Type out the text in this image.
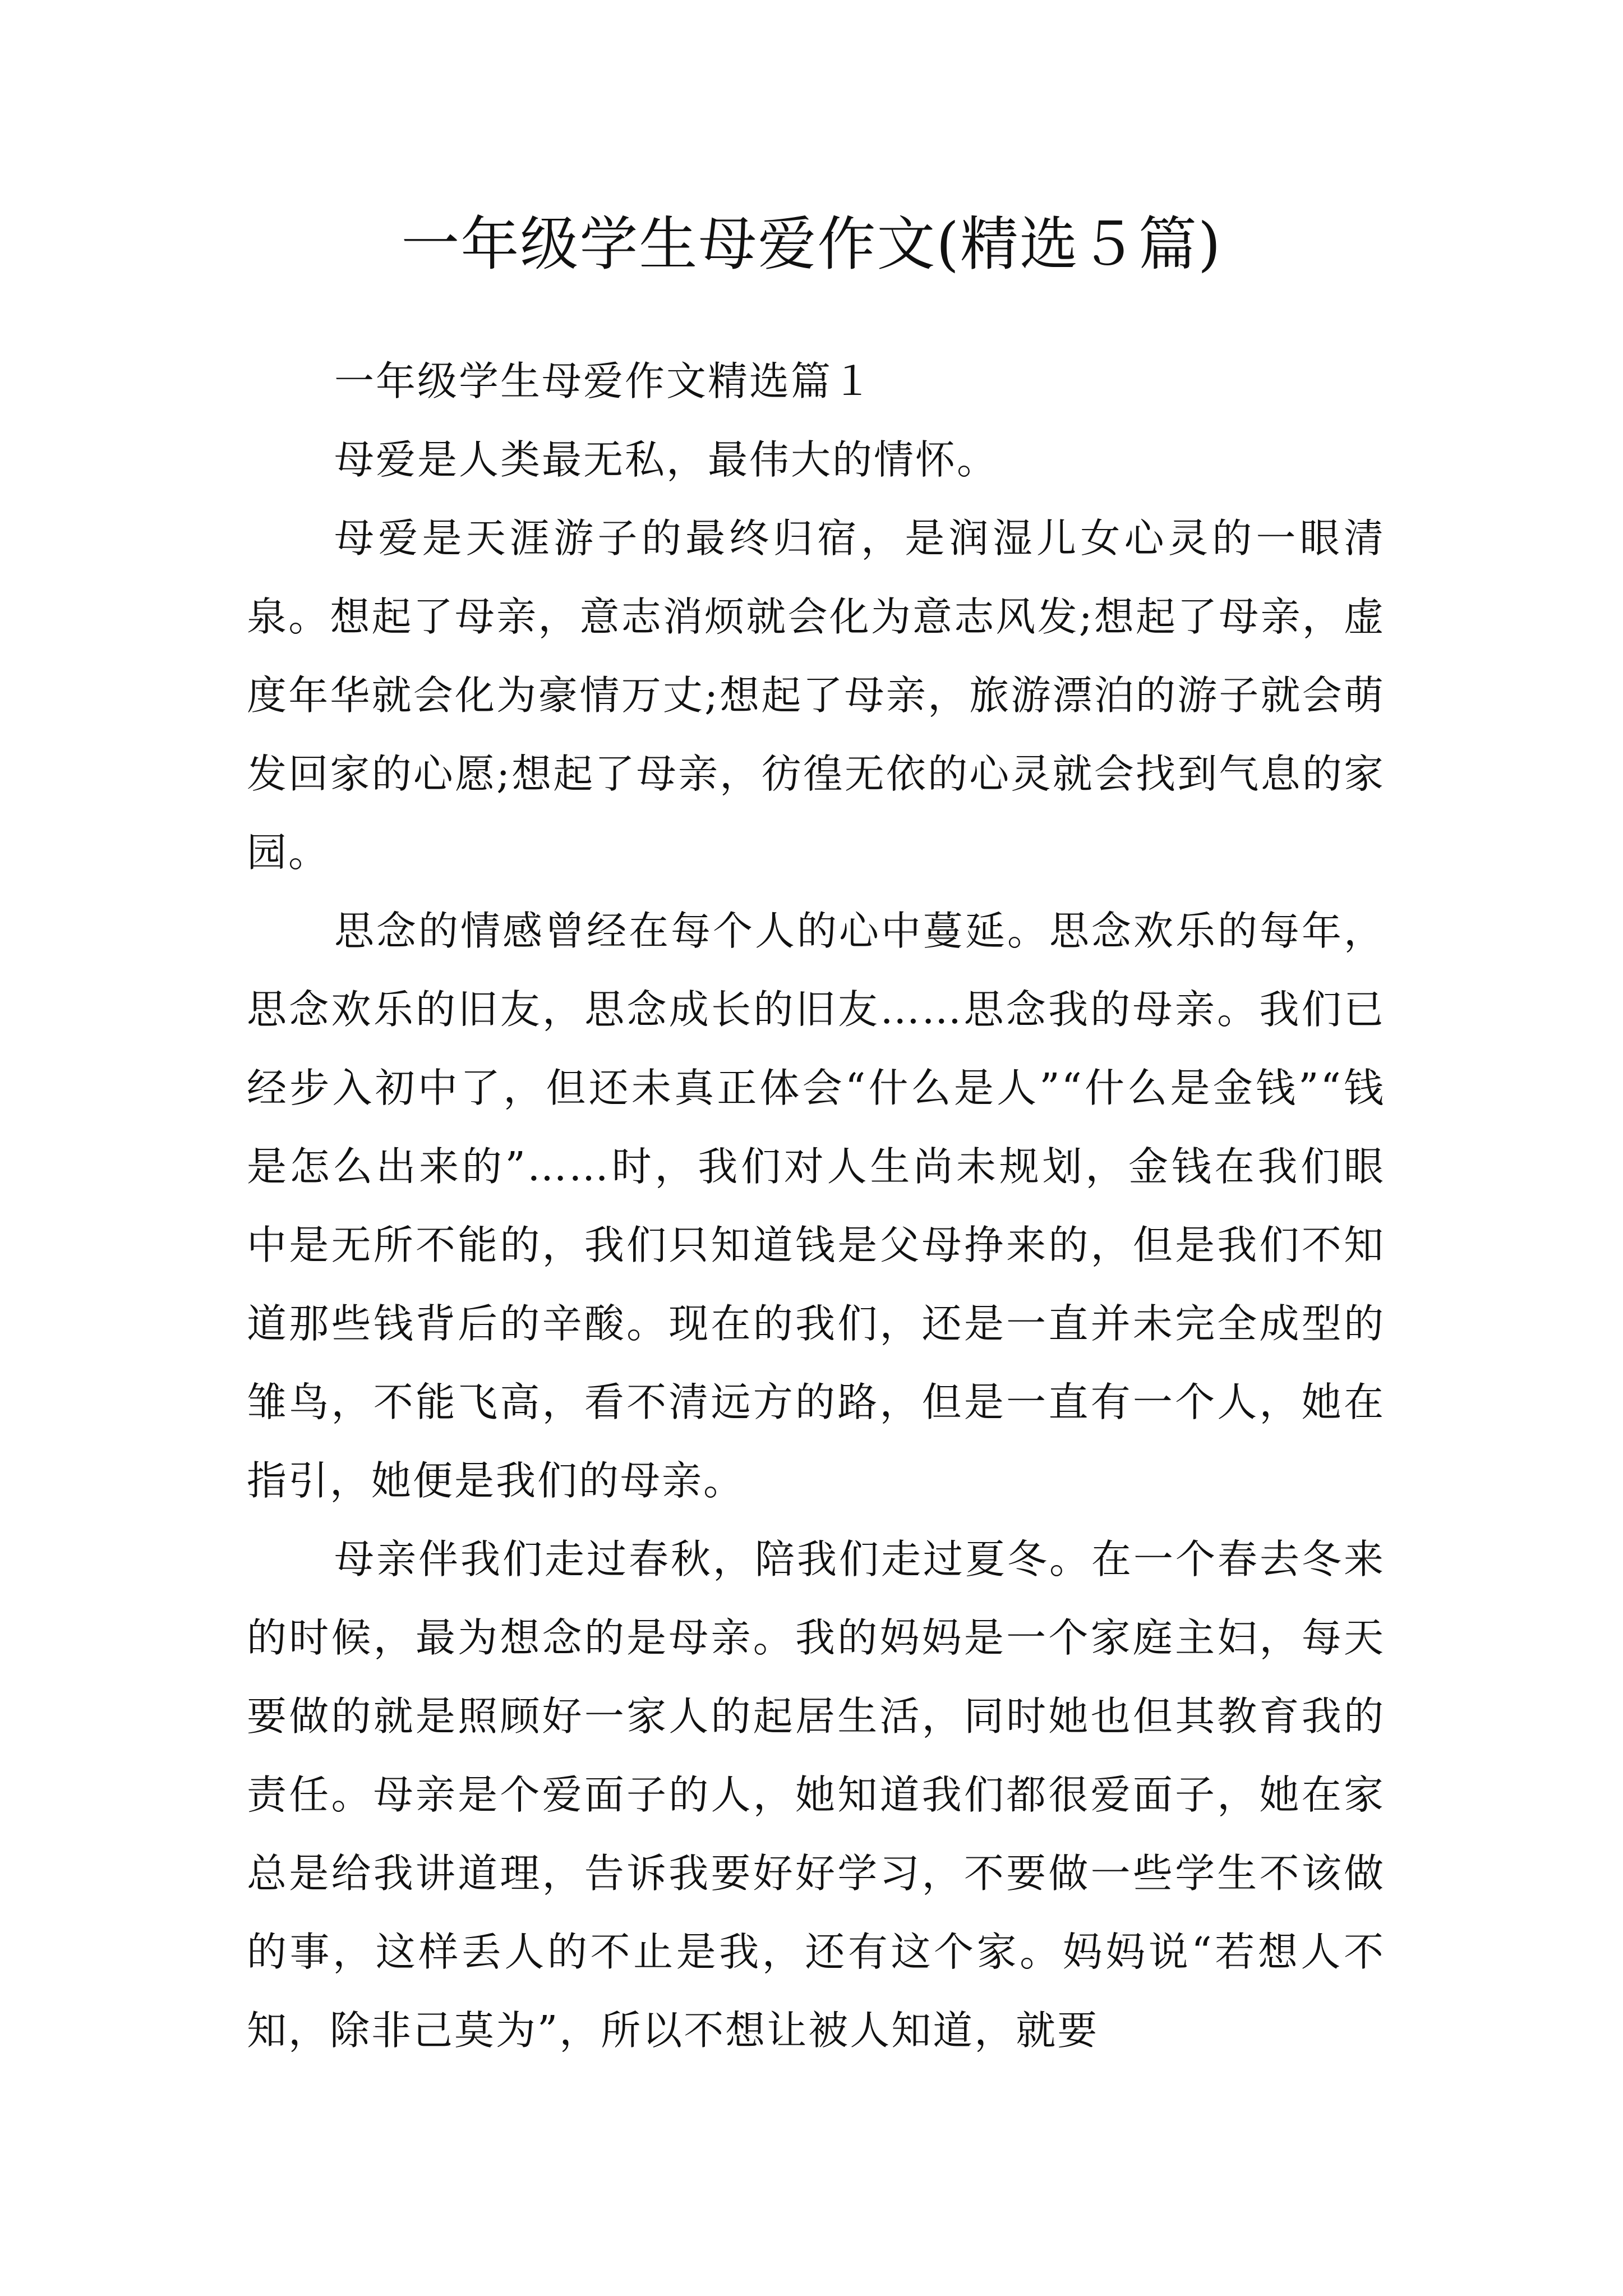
一年级学生母爱作文(精选５篇)

一年级学生母爱作文精选篇１

母爱是人类最无私，最伟大的情怀。

母爱是天涯游子的最终归宿，是润湿儿女心灵的一眼清泉。想起了母亲，意志消烦就会化为意志风发;想起了母亲，虚度年华就会化为豪情万丈;想起了母亲，旅游漂泊的游子就会萌发回家的心愿;想起了母亲，彷徨无依的心灵就会找到气息的家园。

思念的情感曾经在每个人的心中蔓延。思念欢乐的每年，思念欢乐的旧友，思念成长的旧友……思念我的母亲。我们已经步入初中了，但还未真正体会“什么是人”“什么是金钱”“钱是怎么出来的”……时，我们对人生尚未规划，金钱在我们眼中是无所不能的，我们只知道钱是父母挣来的，但是我们不知道那些钱背后的辛酸。现在的我们，还是一直并未完全成型的雏鸟，不能飞高，看不清远方的路，但是一直有一个人，她在指引，她便是我们的母亲。

母亲伴我们走过春秋，陪我们走过夏冬。在一个春去冬来的时候，最为想念的是母亲。我的妈妈是一个家庭主妇，每天要做的就是照顾好一家人的起居生活，同时她也但其教育我的责任。母亲是个爱面子的人，她知道我们都很爱面子，她在家总是给我讲道理，告诉我要好好学习，不要做一些学生不该做的事，这样丢人的不止是我，还有这个家。妈妈说“若想人不知，除非己莫为”，所以不想让被人知道，就要
